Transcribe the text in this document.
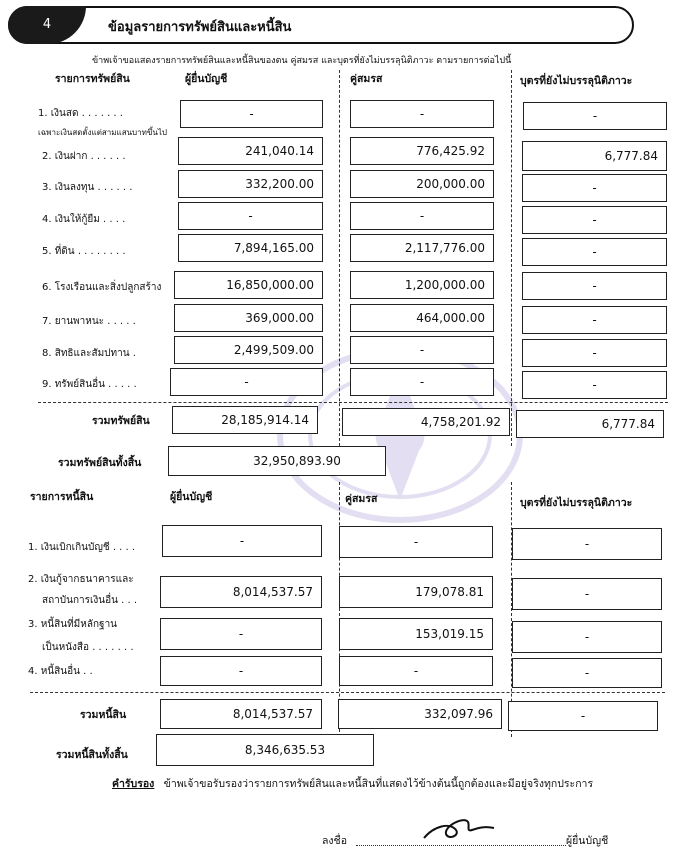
4	ข้อมูลรายการทรัพย์สินและหนี้สิน
ข้าพเจ้าขอแสดงรายการทรัพย์สินและหนี้สินของตน คู่สมรส และบุตรที่ยังไม่บรรลุนิติภาวะ ตามรายการต่อไปนี้
รายการทรัพย์สิน	ผู้ยื่นบัญชี	คู่สมรส	บุตรที่ยังไม่บรรลุนิติภาวะ
1. เงินสด . . . . . . .
เฉพาะเงินสดตั้งแต่สามแสนบาทขึ้นไป
-	-	-
2. เงินฝาก . . . . . .	241,040.14	776,425.92	6,777.84
3. เงินลงทุน . . . . . .	332,200.00	200,000.00	-
4. เงินให้กู้ยืม . . . .	-	-	-
5. ที่ดิน . . . . . . . .	7,894,165.00	2,117,776.00	-
6. โรงเรือนและสิ่งปลูกสร้าง	16,850,000.00	1,200,000.00	-
7. ยานพาหนะ . . . . .	369,000.00	464,000.00	-
8. สิทธิและสัมปทาน .	2,499,509.00	-	-
9. ทรัพย์สินอื่น . . . . .	-	-	-
รวมทรัพย์สิน	28,185,914.14	4,758,201.92	6,777.84
รวมทรัพย์สินทั้งสิ้น	32,950,893.90
รายการหนี้สิน	ผู้ยื่นบัญชี	คู่สมรส	บุตรที่ยังไม่บรรลุนิติภาวะ
1. เงินเบิกเกินบัญชี . . . .	-	-	-
2. เงินกู้จากธนาคารและ
สถาบันการเงินอื่น . . .
8,014,537.57	179,078.81	-
3. หนี้สินที่มีหลักฐาน
เป็นหนังสือ . . . . . . .
-	153,019.15	-
4. หนี้สินอื่น . .	-	-	-
รวมหนี้สิน	8,014,537.57	332,097.96	-
รวมหนี้สินทั้งสิ้น	8,346,635.53
คำรับรอง ข้าพเจ้าขอรับรองว่ารายการทรัพย์สินและหนี้สินที่แสดงไว้ข้างต้นนี้ถูกต้องและมีอยู่จริงทุกประการ
ลงชื่อ	ผู้ยื่นบัญชี
